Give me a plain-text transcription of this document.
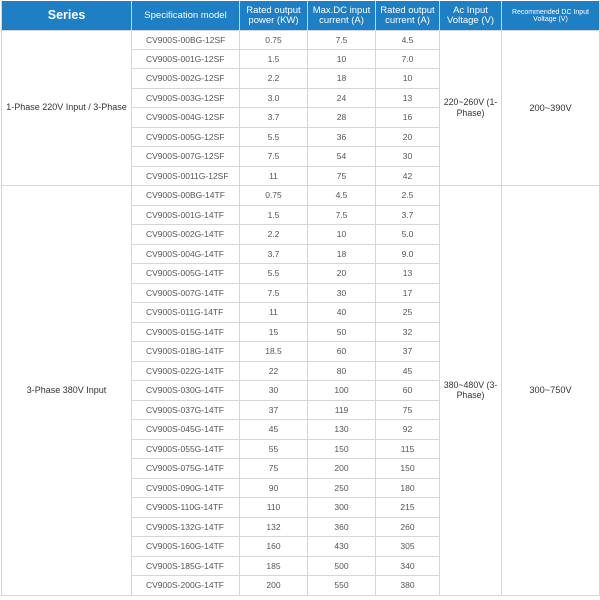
Series	Specification model	Rated output power (KW)	Max.DC input current (A)	Rated output current (A)	Ac Input Voltage (V)	Recommended DC Input Voltage (V)
1-Phase 220V Input / 3-Phase	CV900S-00BG-12SF	0.75	7.5	4.5	220~260V (1-Phase)	200~390V
	CV900S-001G-12SF	1.5	10	7.0		
	CV900S-002G-12SF	2.2	18	10		
	CV900S-003G-12SF	3.0	24	13		
	CV900S-004G-12SF	3.7	28	16		
	CV900S-005G-12SF	5.5	36	20		
	CV900S-007G-12SF	7.5	54	30		
	CV900S-0011G-12SF	11	75	42		
3-Phase 380V Input	CV900S-00BG-14TF	0.75	4.5	2.5	380~480V (3-Phase)	300~750V
	CV900S-001G-14TF	1.5	7.5	3.7		
	CV900S-002G-14TF	2.2	10	5.0		
	CV900S-004G-14TF	3.7	18	9.0		
	CV900S-005G-14TF	5.5	20	13		
	CV900S-007G-14TF	7.5	30	17		
	CV900S-011G-14TF	11	40	25		
	CV900S-015G-14TF	15	50	32		
	CV900S-018G-14TF	18.5	60	37		
	CV900S-022G-14TF	22	80	45		
	CV900S-030G-14TF	30	100	60		
	CV900S-037G-14TF	37	119	75		
	CV900S-045G-14TF	45	130	92		
	CV900S-055G-14TF	55	150	115		
	CV900S-075G-14TF	75	200	150		
	CV900S-090G-14TF	90	250	180		
	CV900S-110G-14TF	110	300	215		
	CV900S-132G-14TF	132	360	260		
	CV900S-160G-14TF	160	430	305		
	CV900S-185G-14TF	185	500	340		
	CV900S-200G-14TF	200	550	380		
